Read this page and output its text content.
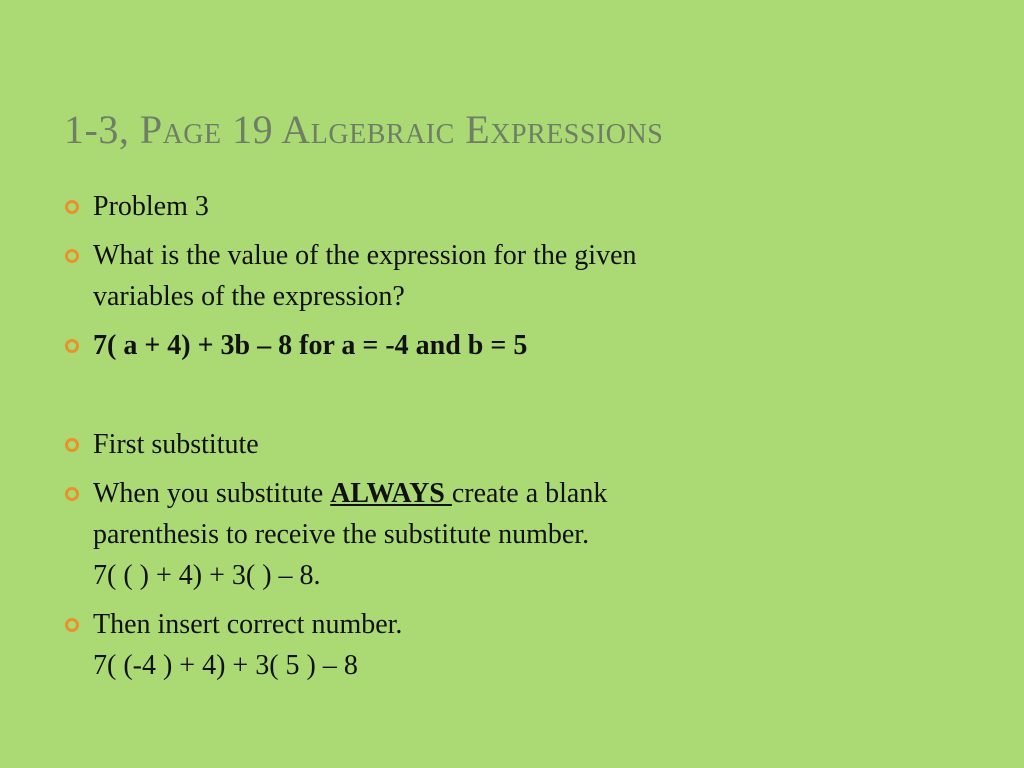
1-3, Page 19 Algebraic Expressions
Problem 3
What is the value of the expression for the given
variables of the expression?
7( a + 4) + 3b – 8 for a = -4 and b = 5
First substitute
When you substitute ALWAYS create a blank
parenthesis to receive the substitute number.
7( ( ) + 4) + 3( ) – 8.
Then insert correct number.
7( (-4 ) + 4) + 3( 5 ) – 8
